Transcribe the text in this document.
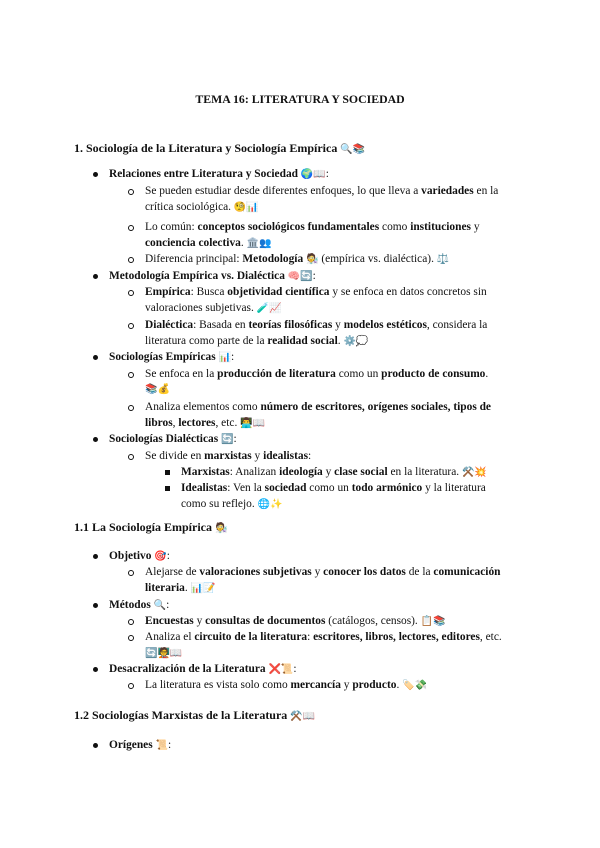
TEMA 16: LITERATURA Y SOCIEDAD
1. Sociología de la Literatura y Sociología Empírica 🔍📚
Relaciones entre Literatura y Sociedad 🌍📖:
Se pueden estudiar desde diferentes enfoques, lo que lleva a variedades en la
crítica sociológica. 🧐📊
Lo común: conceptos sociológicos fundamentales como instituciones y
conciencia colectiva. 🏛️👥
Diferencia principal: Metodología 🧑‍🔬 (empírica vs. dialéctica). ⚖️
Metodología Empírica vs. Dialéctica 🧠🔄:
Empírica: Busca objetividad científica y se enfoca en datos concretos sin
valoraciones subjetivas. 🧪📈
Dialéctica: Basada en teorías filosóficas y modelos estéticos, considera la
literatura como parte de la realidad social. ⚙️💭
Sociologías Empíricas 📊:
Se enfoca en la producción de literatura como un producto de consumo.
📚💰
Analiza elementos como número de escritores, orígenes sociales, tipos de
libros, lectores, etc. 👨‍💻📖
Sociologías Dialécticas 🔄:
Se divide en marxistas y idealistas:
Marxistas: Analizan ideología y clase social en la literatura. ⚒️💥
Idealistas: Ven la sociedad como un todo armónico y la literatura
como su reflejo. 🌐✨
1.1 La Sociología Empírica 🧑‍🔬
Objetivo 🎯:
Alejarse de valoraciones subjetivas y conocer los datos de la comunicación
literaria. 📊📝
Métodos 🔍:
Encuestas y consultas de documentos (catálogos, censos). 📋📚
Analiza el circuito de la literatura: escritores, libros, lectores, editores, etc.
🔄🧑‍🏫📖
Desacralización de la Literatura ❌📜:
La literatura es vista solo como mercancía y producto. 🏷️💸
1.2 Sociologías Marxistas de la Literatura ⚒️📖
Orígenes 📜:
